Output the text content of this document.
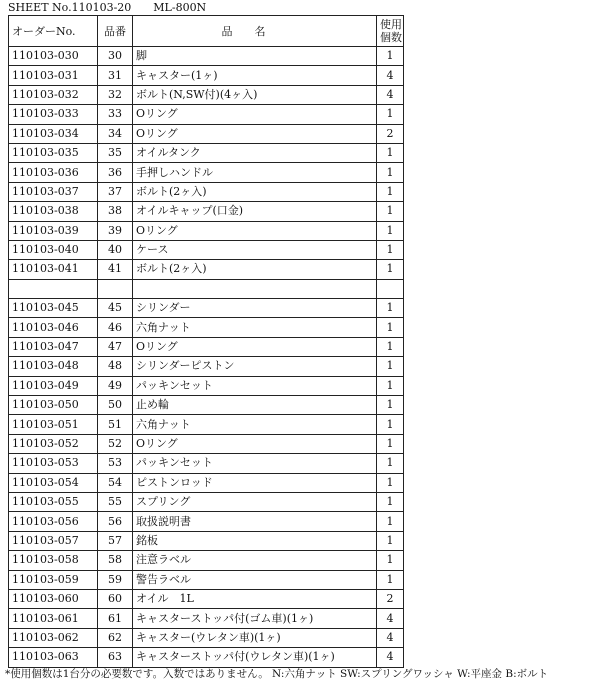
SHEET No.110103-20 ML-800N
オーダーNo.	品番	品名	使用
個数
110103-030	30	脚	1
110103-031	31	キャスター(1ヶ)	4
110103-032	32	ボルト(N,SW付)(4ヶ入)	4
110103-033	33	Oリング	1
110103-034	34	Oリング	2
110103-035	35	オイルタンク	1
110103-036	36	手押しハンドル	1
110103-037	37	ボルト(2ヶ入)	1
110103-038	38	オイルキャップ(口金)	1
110103-039	39	Oリング	1
110103-040	40	ケース	1
110103-041	41	ボルト(2ヶ入)	1

110103-045	45	シリンダー	1
110103-046	46	六角ナット	1
110103-047	47	Oリング	1
110103-048	48	シリンダーピストン	1
110103-049	49	パッキンセット	1
110103-050	50	止め輪	1
110103-051	51	六角ナット	1
110103-052	52	Oリング	1
110103-053	53	パッキンセット	1
110103-054	54	ピストンロッド	1
110103-055	55	スプリング	1
110103-056	56	取扱説明書	1
110103-057	57	銘板	1
110103-058	58	注意ラベル	1
110103-059	59	警告ラベル	1
110103-060	60	オイル　1L	2
110103-061	61	キャスターストッパ付(ゴム車)(1ヶ)	4
110103-062	62	キャスター(ウレタン車)(1ヶ)	4
110103-063	63	キャスターストッパ付(ウレタン車)(1ヶ)	4
*使用個数は1台分の必要数です。入数ではありません。 N:六角ナット SW:スプリングワッシャ W:平座金 B:ボルト
